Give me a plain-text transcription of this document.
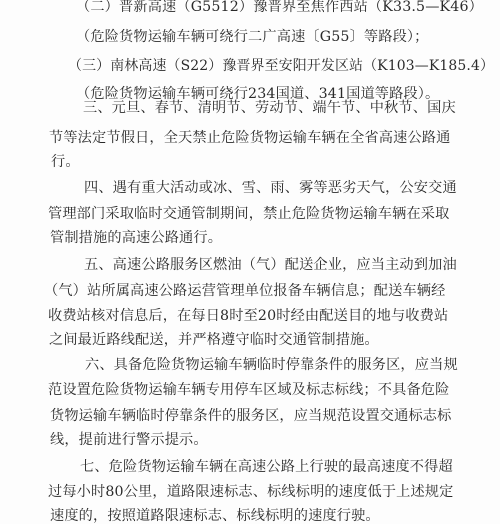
（二）晋新高速（G5512）豫晋界至焦作西站（K33.5—K46）
（危险货物运输车辆可绕行二广高速〔G55〕等路段）；
（三）南林高速（S22）豫晋界至安阳开发区站（K103—K185.4）
（危险货物运输车辆可绕行234国道、341国道等路段）。
三、元旦、春节、清明节、劳动节、端午节、中秋节、国庆
节等法定节假日，全天禁止危险货物运输车辆在全省高速公路通
行。
四、遇有重大活动或冰、雪、雨、雾等恶劣天气，公安交通
管理部门采取临时交通管制期间，禁止危险货物运输车辆在采取
管制措施的高速公路通行。
五、高速公路服务区燃油（气）配送企业，应当主动到加油
（气）站所属高速公路运营管理单位报备车辆信息；配送车辆经
收费站核对信息后，在每日8时至20时经由配送目的地与收费站
之间最近路线配送，并严格遵守临时交通管制措施。
六、具备危险货物运输车辆临时停靠条件的服务区，应当规
范设置危险货物运输车辆专用停车区域及标志标线；不具备危险
货物运输车辆临时停靠条件的服务区，应当规范设置交通标志标
线，提前进行警示提示。
七、危险货物运输车辆在高速公路上行驶的最高速度不得超
过每小时80公里，道路限速标志、标线标明的速度低于上述规定
速度的，按照道路限速标志、标线标明的速度行驶。
